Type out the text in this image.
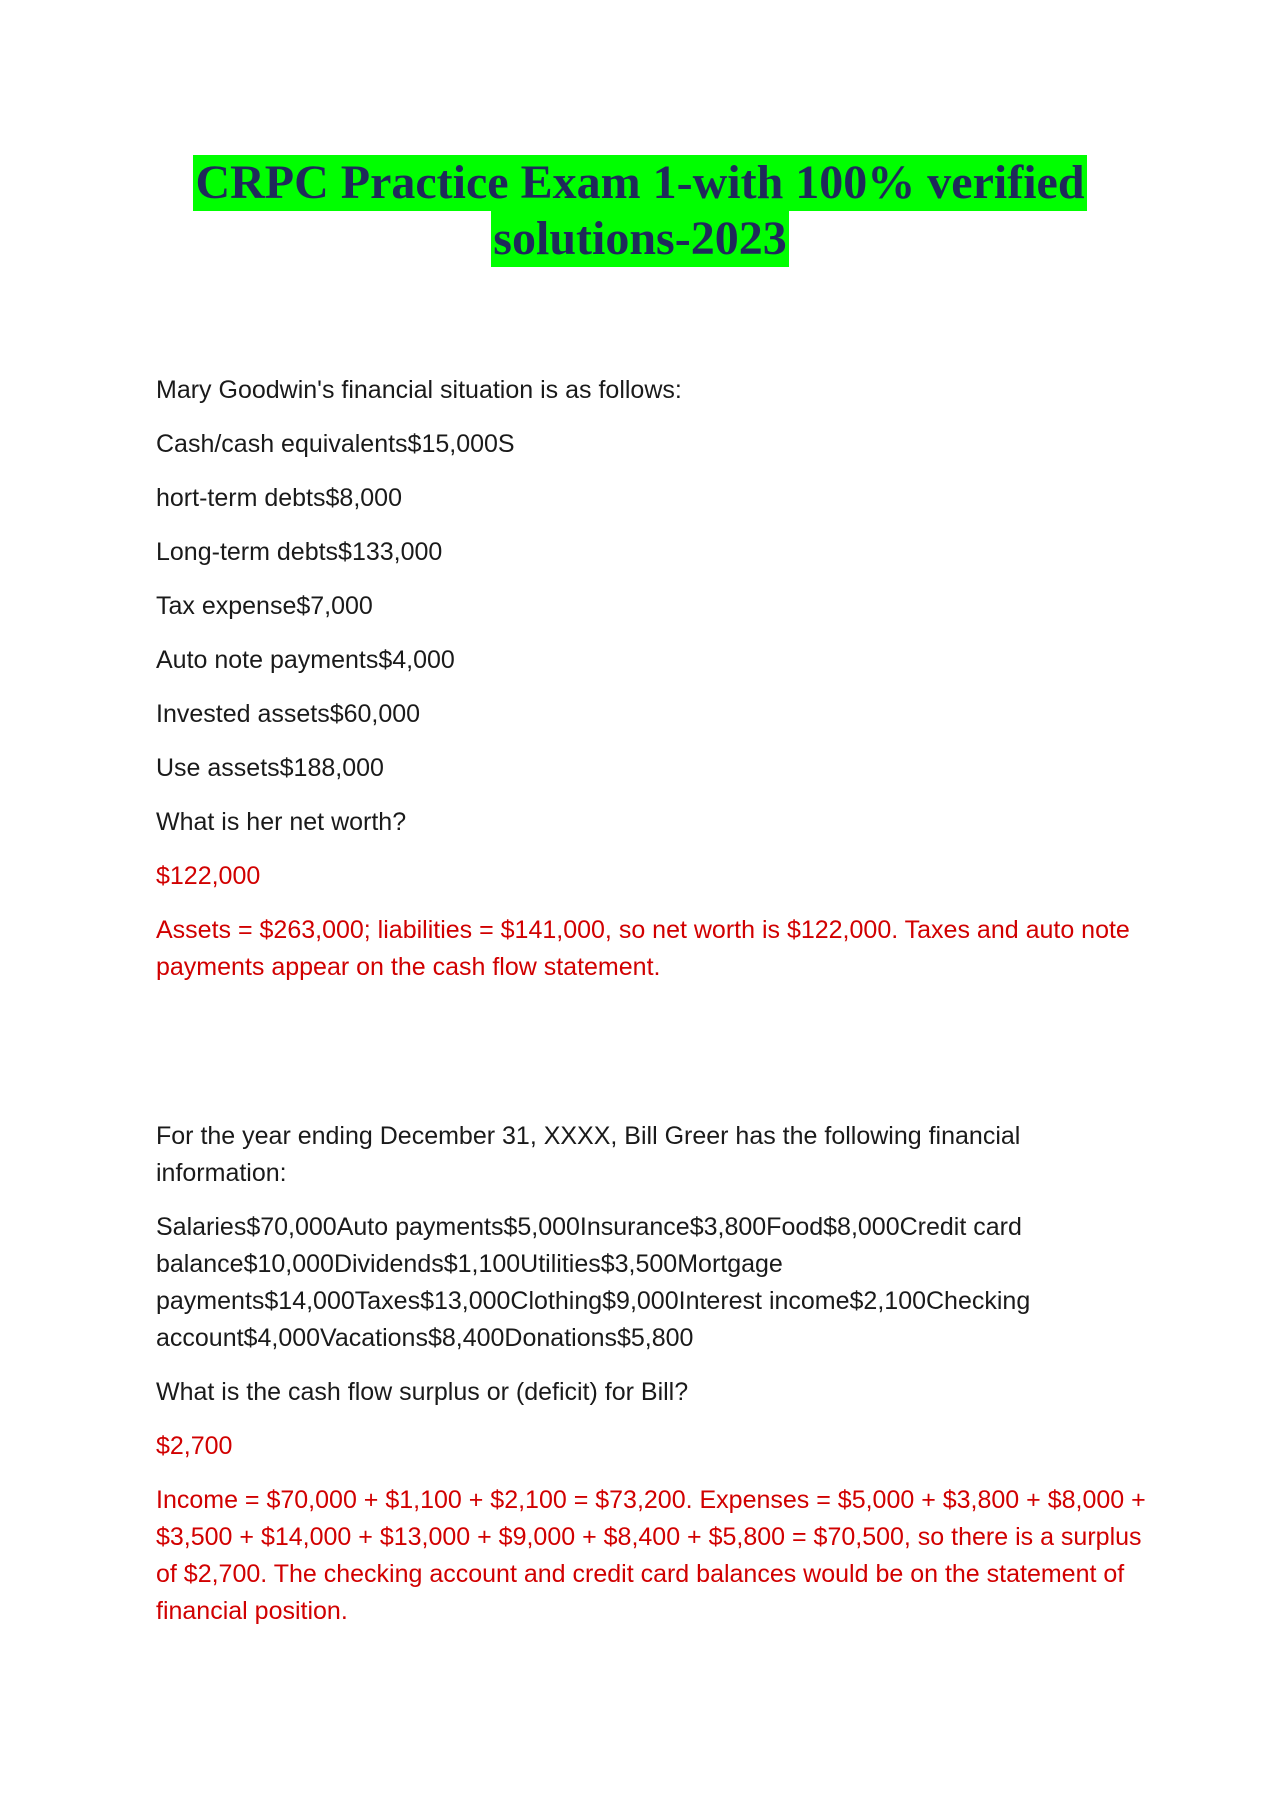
CRPC Practice Exam 1-with 100% verified
solutions-2023

Mary Goodwin's financial situation is as follows:

Cash/cash equivalents$15,000S

hort-term debts$8,000

Long-term debts$133,000

Tax expense$7,000

Auto note payments$4,000

Invested assets$60,000

Use assets$188,000

What is her net worth?

$122,000

Assets = $263,000; liabilities = $141,000, so net worth is $122,000. Taxes and auto note payments appear on the cash flow statement.

For the year ending December 31, XXXX, Bill Greer has the following financial information:

Salaries$70,000Auto payments$5,000Insurance$3,800Food$8,000Credit card balance$10,000Dividends$1,100Utilities$3,500Mortgage payments$14,000Taxes$13,000Clothing$9,000Interest income$2,100Checking account$4,000Vacations$8,400Donations$5,800

What is the cash flow surplus or (deficit) for Bill?

$2,700

Income = $70,000 + $1,100 + $2,100 = $73,200. Expenses = $5,000 + $3,800 + $8,000 + $3,500 + $14,000 + $13,000 + $9,000 + $8,400 + $5,800 = $70,500, so there is a surplus of $2,700. The checking account and credit card balances would be on the statement of financial position.
